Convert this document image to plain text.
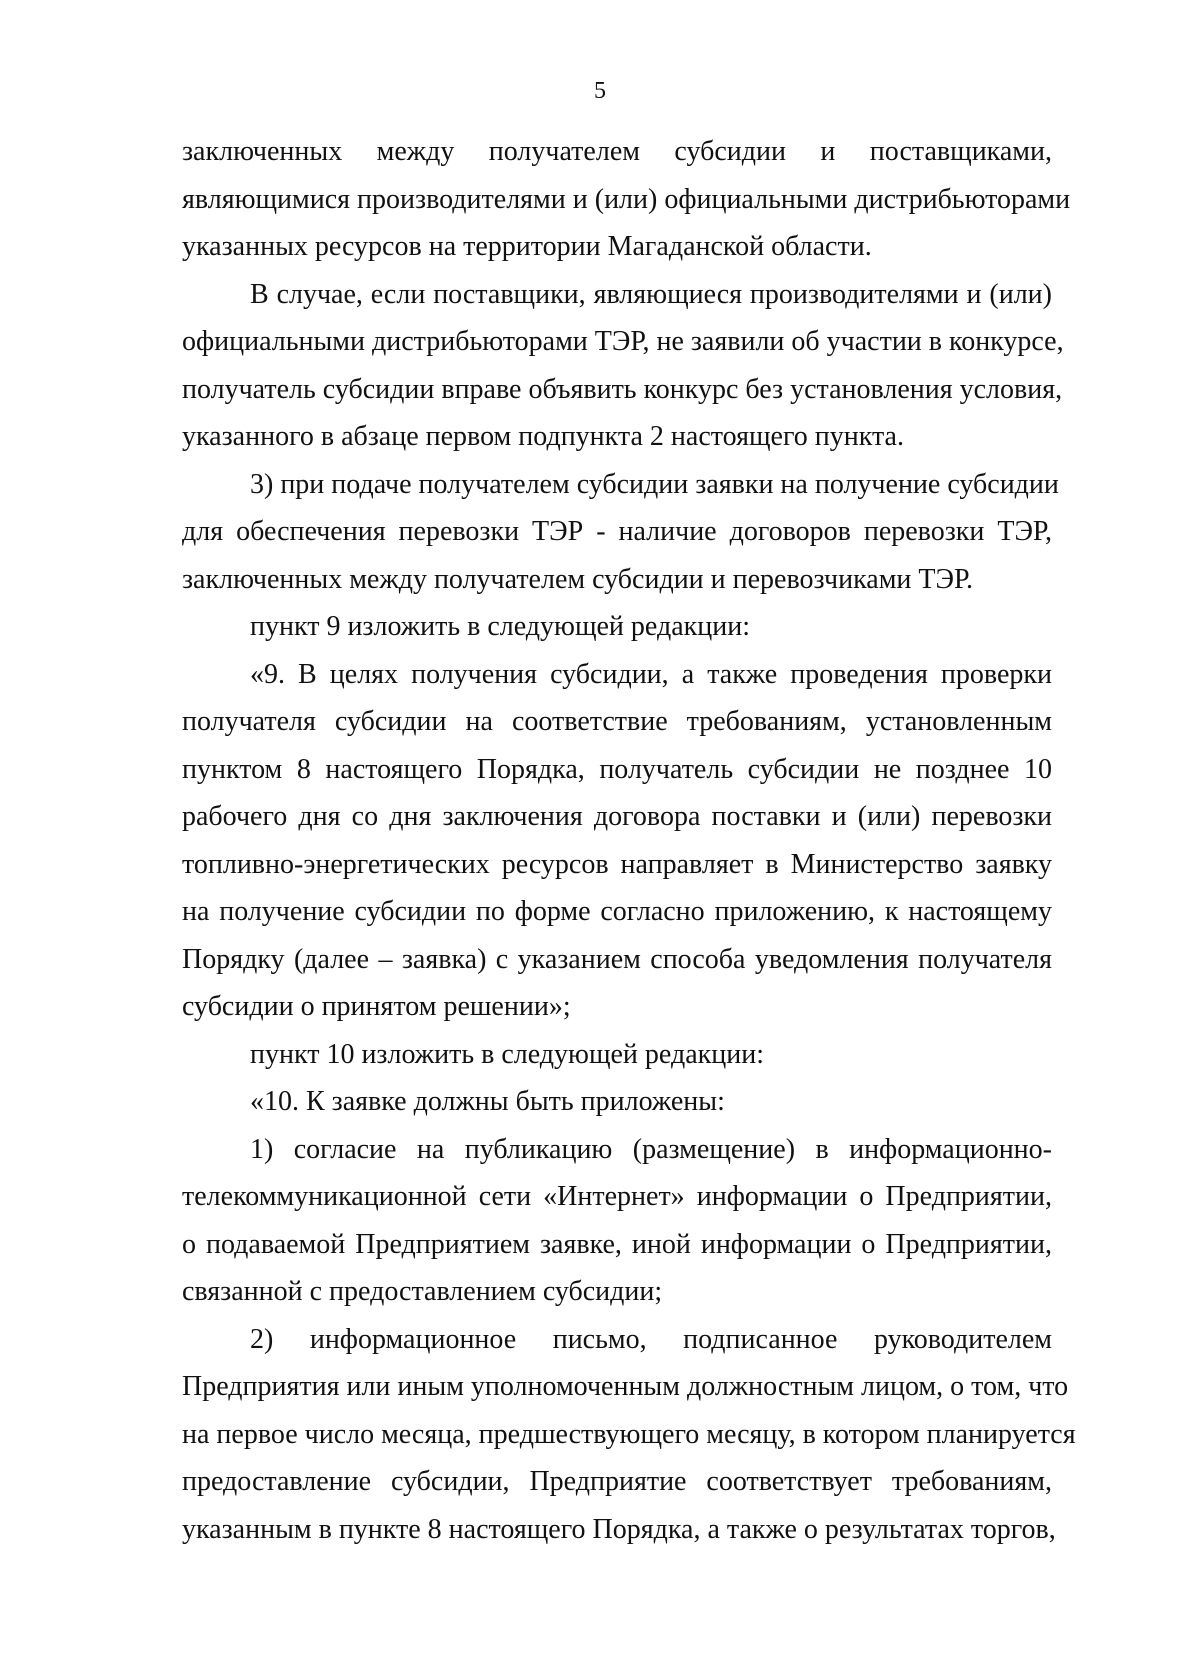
5

заключенных между получателем субсидии и поставщиками,
являющимися производителями и (или) официальными дистрибьюторами
указанных ресурсов на территории Магаданской области.

В случае, если поставщики, являющиеся производителями и (или)
официальными дистрибьюторами ТЭР, не заявили об участии в конкурсе,
получатель субсидии вправе объявить конкурс без установления условия,
указанного в абзаце первом подпункта 2 настоящего пункта.

3) при подаче получателем субсидии заявки на получение субсидии
для обеспечения перевозки ТЭР - наличие договоров перевозки ТЭР,
заключенных между получателем субсидии и перевозчиками ТЭР.

пункт 9 изложить в следующей редакции:

«9. В целях получения субсидии, а также проведения проверки
получателя субсидии на соответствие требованиям, установленным
пунктом 8 настоящего Порядка, получатель субсидии не позднее 10
рабочего дня со дня заключения договора поставки и (или) перевозки
топливно-энергетических ресурсов направляет в Министерство заявку
на получение субсидии по форме согласно приложению, к настоящему
Порядку (далее – заявка) с указанием способа уведомления получателя
субсидии о принятом решении»;

пункт 10 изложить в следующей редакции:

«10. К заявке должны быть приложены:

1) согласие на публикацию (размещение) в информационно-
телекоммуникационной сети «Интернет» информации о Предприятии,
о подаваемой Предприятием заявке, иной информации о Предприятии,
связанной с предоставлением субсидии;

2) информационное письмо, подписанное руководителем
Предприятия или иным уполномоченным должностным лицом, о том, что
на первое число месяца, предшествующего месяцу, в котором планируется
предоставление субсидии, Предприятие соответствует требованиям,
указанным в пункте 8 настоящего Порядка, а также о результатах торгов,
